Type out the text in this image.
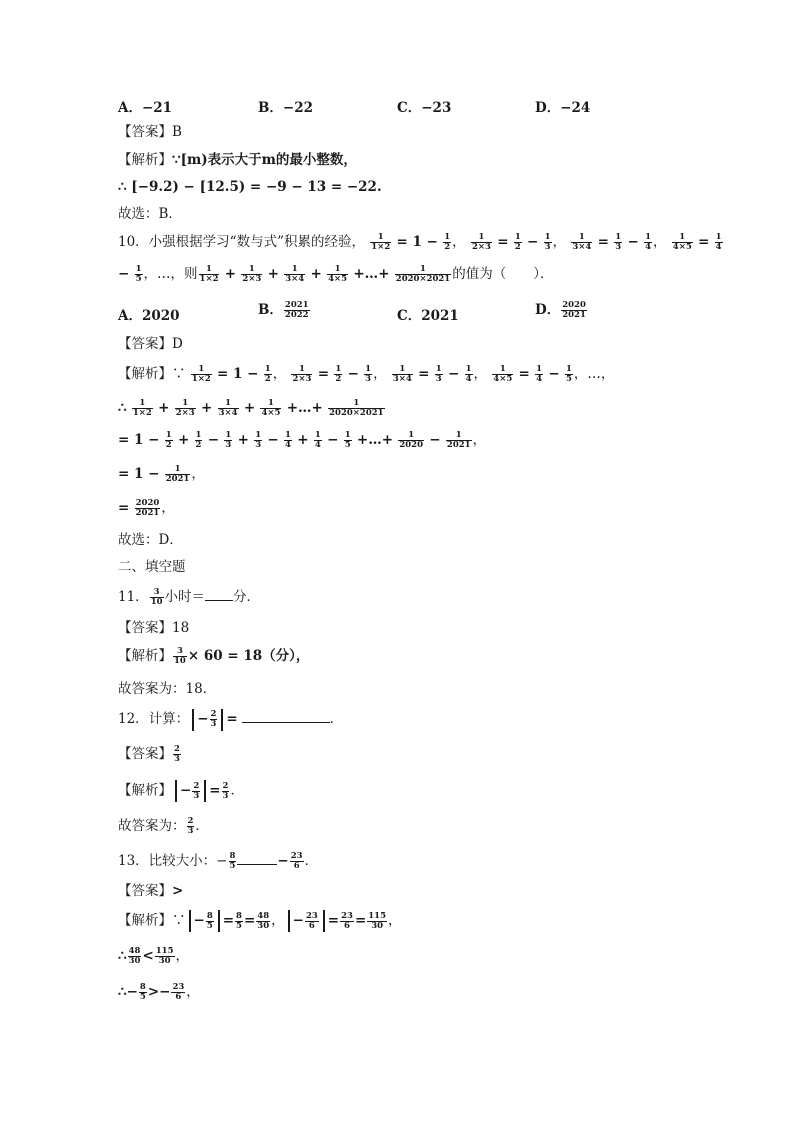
A．−21	B．−22	C．−23	D．−24
【答案】B
【解析】∵[m)表示大于m的最小整数，
∴ [−9.2) − [12.5) = −9 − 13 = −22.
故选：B．
10．小强根据学习“数与式”积累的经验， $\frac{1}{1\times 2} = 1 - \frac{1}{2}$ ， $\frac{1}{2\times 3} = \frac{1}{2} - \frac{1}{3}$ ， $\frac{1}{3\times 4} = \frac{1}{3} - \frac{1}{4}$ ， $\frac{1}{4\times 5} = \frac{1}{4}$
− $\frac{1}{5}$ ，…，则 $\frac{1}{1\times 2} + \frac{1}{2\times 3} + \frac{1}{3\times 4} + \frac{1}{4\times 5}$ +…+ $\frac{1}{2020\times 2021}$ 的值为（　　）．
A．2020	B． $\frac{2021}{2022}$	C．2021	D． $\frac{2020}{2021}$
【答案】D
【解析】∵ $\frac{1}{1\times 2} = 1 - \frac{1}{2}$ ， $\frac{1}{2\times 3} = \frac{1}{2} - \frac{1}{3}$ ， $\frac{1}{3\times 4} = \frac{1}{3} - \frac{1}{4}$ ， $\frac{1}{4\times 5} = \frac{1}{4} - \frac{1}{5}$ ，…，
∴ $\frac{1}{1\times 2} + \frac{1}{2\times 3} + \frac{1}{3\times 4} + \frac{1}{4\times 5}$ +…+ $\frac{1}{2020\times 2021}$
= $1 - \frac{1}{2} + \frac{1}{2} - \frac{1}{3} + \frac{1}{3} - \frac{1}{4} + \frac{1}{4} - \frac{1}{5}$ +…+ $\frac{1}{2020} - \frac{1}{2021}$ ，
= $1 - \frac{1}{2021}$ ，
= $\frac{2020}{2021}$ ，
故选：D．
二、填空题
11． $\frac{3}{10}$ 小时＝ 分．
【答案】18
【解析】 $\frac{3}{10} \times 60 = 18$（分），
故答案为：18．
12．计算： − $\frac{2}{3}$ =	．
【答案】 $\frac{2}{3}$
【解析】 − $\frac{2}{3} = \frac{2}{3}$ ．
故答案为： $\frac{2}{3}$ ．
13．比较大小：− $\frac{8}{5}$	− $\frac{23}{6}$ ．
【答案】>
【解析】∵ − $\frac{8}{5} = \frac{8}{5} = \frac{48}{30}$ ， − $\frac{23}{6} = \frac{23}{6} = \frac{115}{30}$ ，
∴ $\frac{48}{30} < \frac{115}{30}$ ，
∴− $\frac{8}{5} >- \frac{23}{6}$ ，
